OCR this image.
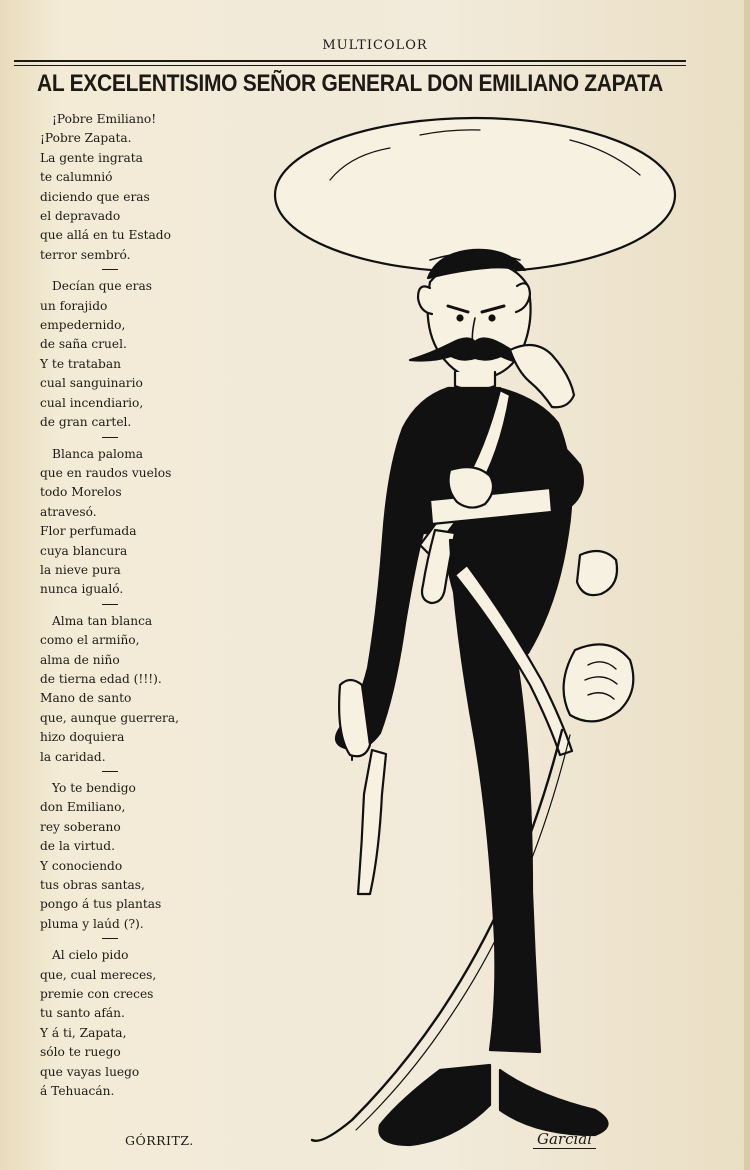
MULTICOLOR
AL EXCELENTISIMO SEÑOR GENERAL DON EMILIANO ZAPATA

¡Pobre Emiliano!
¡Pobre Zapata.
La gente ingrata
te calumnió
diciendo que eras
el depravado
que allá en tu Estado
terror sembró.

Decían que eras
un forajido
empedernido,
de saña cruel.
Y te trataban
cual sanguinario
cual incendiario,
de gran cartel.

Blanca paloma
que en raudos vuelos
todo Morelos
atravesó.
Flor perfumada
cuya blancura
la nieve pura
nunca igualó.

Alma tan blanca
como el armiño,
alma de niño
de tierna edad (!!!).
Mano de santo
que, aunque guerrera,
hizo doquiera
la caridad.

Yo te bendigo
don Emiliano,
rey soberano
de la virtud.
Y conociendo
tus obras santas,
pongo á tus plantas
pluma y laúd (?).

Al cielo pido
que, cual mereces,
premie con creces
tu santo afán.
Y á ti, Zapata,
sólo te ruego
que vayas luego
á Tehuacán.

GÓRRITZ.	Garcial
